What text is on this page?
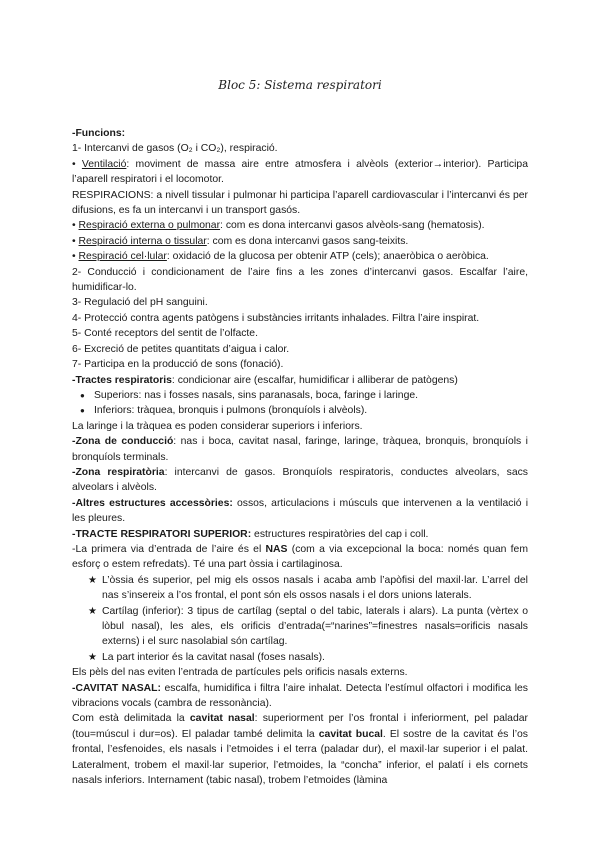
Bloc 5: Sistema respiratori

-Funcions:

1- Intercanvi de gasos (O₂ i CO₂), respiració.

• Ventilació: moviment de massa aire entre atmosfera i alvèols (exterior→interior). Participa l’aparell respiratori i el locomotor.

RESPIRACIONS: a nivell tissular i pulmonar hi participa l’aparell cardiovascular i l’intercanvi és per difusions, es fa un intercanvi i un transport gasós.

• Respiració externa o pulmonar: com es dona intercanvi gasos alvèols-sang (hematosis).

• Respiració interna o tissular: com es dona intercanvi gasos sang-teixits.

• Respiració cel·lular: oxidació de la glucosa per obtenir ATP (cels); anaeròbica o aeròbica.

2- Conducció i condicionament de l’aire fins a les zones d’intercanvi gasos. Escalfar l’aire, humidificar-lo.

3- Regulació del pH sanguini.

4- Protecció contra agents patògens i substàncies irritants inhalades. Filtra l’aire inspirat.

5- Conté receptors del sentit de l’olfacte.

6- Excreció de petites quantitats d’aigua i calor.

7- Participa en la producció de sons (fonació).

-Tractes respiratoris: condicionar aire (escalfar, humidificar i alliberar de patògens)

● Superiors: nas i fosses nasals, sins paranasals, boca, faringe i laringe.

● Inferiors: tràquea, bronquis i pulmons (bronquíols i alvèols).

La laringe i la tràquea es poden considerar superiors i inferiors.

-Zona de conducció: nas i boca, cavitat nasal, faringe, laringe, tràquea, bronquis, bronquíols i bronquíols terminals.

-Zona respiratòria: intercanvi de gasos. Bronquíols respiratoris, conductes alveolars, sacs alveolars i alvèols.

-Altres estructures accessòries: ossos, articulacions i músculs que intervenen a la ventilació i les pleures.

-TRACTE RESPIRATORI SUPERIOR: estructures respiratòries del cap i coll.

-La primera via d’entrada de l’aire és el NAS (com a via excepcional la boca: només quan fem esforç o estem refredats). Té una part òssia i cartilaginosa.

★ L’òssia és superior, pel mig els ossos nasals i acaba amb l’apòfisi del maxil·lar. L’arrel del nas s’insereix a l’os frontal, el pont són els ossos nasals i el dors unions laterals.

★ Cartílag (inferior): 3 tipus de cartílag (septal o del tabic, laterals i alars). La punta (vèrtex o lòbul nasal), les ales, els orificis d’entrada(=“narines”=finestres nasals=orificis nasals externs) i el surc nasolabial són cartílag.

★ La part interior és la cavitat nasal (foses nasals).

Els pèls del nas eviten l’entrada de partícules pels orificis nasals externs.

-CAVITAT NASAL: escalfa, humidifica i filtra l’aire inhalat. Detecta l’estímul olfactori i modifica les vibracions vocals (cambra de ressonància).

Com està delimitada la cavitat nasal: superiorment per l’os frontal i inferiorment, pel paladar (tou=múscul i dur=os). El paladar també delimita la cavitat bucal. El sostre de la cavitat és l’os frontal, l’esfenoides, els nasals i l’etmoides i el terra (paladar dur), el maxil·lar superior i el palat. Lateralment, trobem el maxil·lar superior, l’etmoides, la “concha” inferior, el palatí i els cornets nasals inferiors. Internament (tabic nasal), trobem l’etmoides (làmina
